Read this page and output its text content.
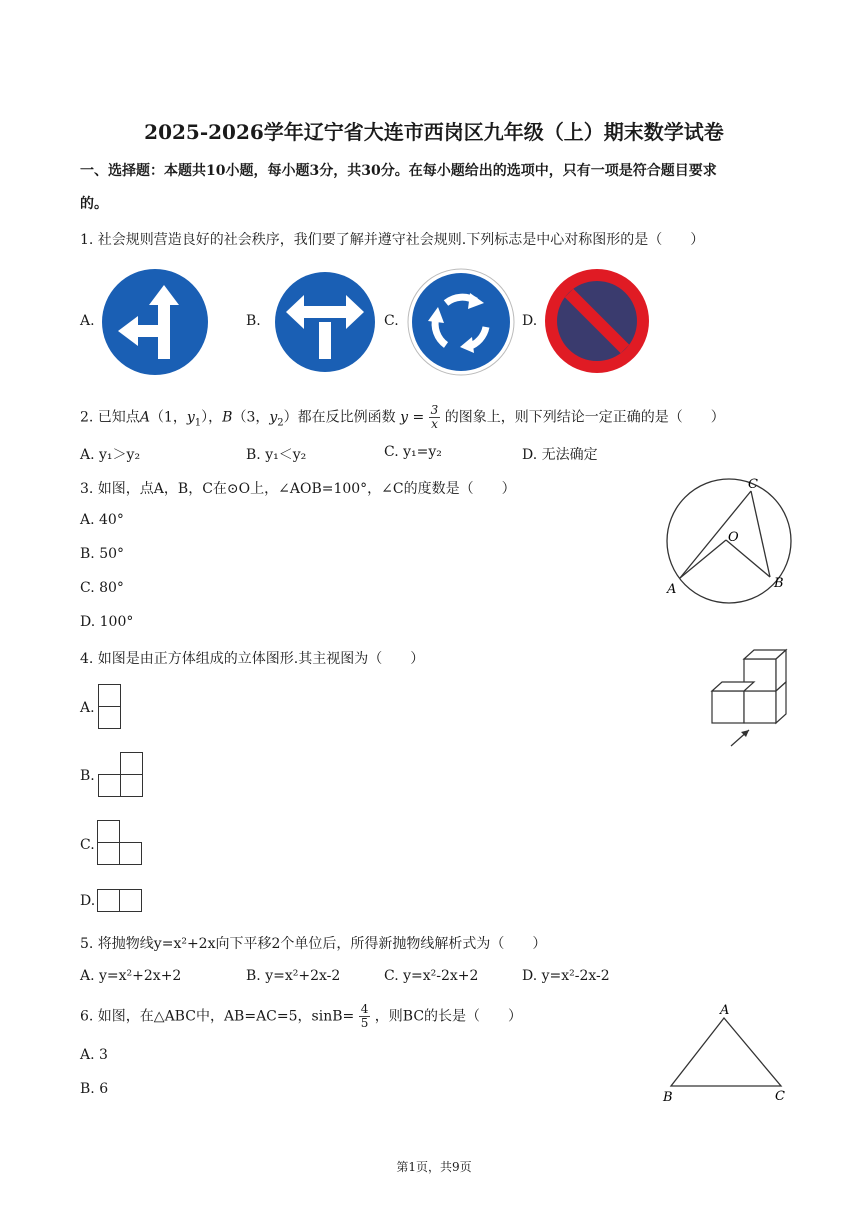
2025-2026学年辽宁省大连市西岗区九年级（上）期末数学试卷
一、选择题：本题共10小题，每小题3分，共30分。在每小题给出的选项中，只有一项是符合题目要求
的。
1. 社会规则营造良好的社会秩序，我们要了解并遵守社会规则.下列标志是中心对称图形的是（　　）
A.	B.	C.	D.
2. 已知点A（1，$y_1$），B（3，$y_2$）都在反比例函数 $y = \frac{3}{x}$ 的图象上，则下列结论一定正确的是（　　）
A. y₁＞y₂	B. y₁＜y₂	C. y₁=y₂	D. 无法确定
3. 如图，点A，B，C在⊙O上，∠AOB=100°，∠C的度数是（　　）
A. 40°
B. 50°
C. 80°
D. 100°
A	B
C
O
4. 如图是由正方体组成的立体图形.其主视图为（　　）
A.
B.
C.
D.
5. 将抛物线y=x²+2x向下平移2个单位后，所得新抛物线解析式为（　　）
A. y=x²+2x+2	B. y=x²+2x-2	C. y=x²-2x+2	D. y=x²-2x-2
6. 如图，在△ABC中，AB=AC=5，$\sin B= \frac{4}{5}$ ，则BC的长是（　　）
A. 3
B. 6
A
B	C
第1页，共9页
